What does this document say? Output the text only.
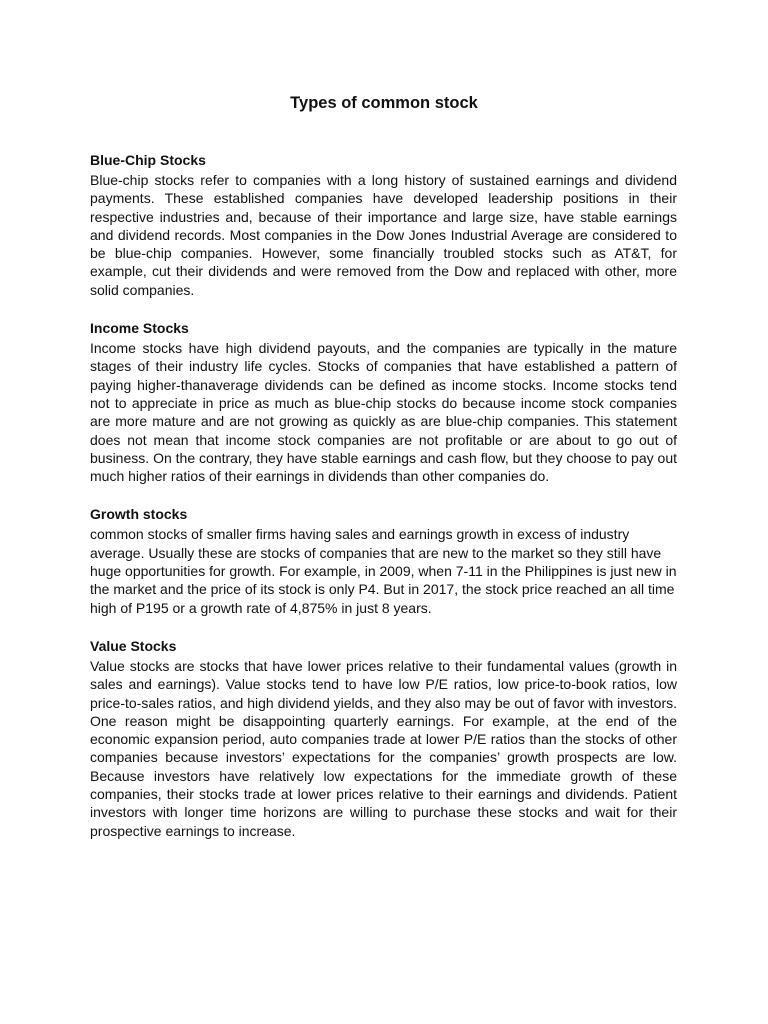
Types of common stock
Blue-Chip Stocks

Blue-chip stocks refer to companies with a long history of sustained earnings and dividend payments. These established companies have developed leadership positions in their respective industries and, because of their importance and large size, have stable earnings and dividend records. Most companies in the Dow Jones Industrial Average are considered to be blue-chip companies. However, some financially troubled stocks such as AT&T, for example, cut their dividends and were removed from the Dow and replaced with other, more solid companies.

Income Stocks

Income stocks have high dividend payouts, and the companies are typically in the mature stages of their industry life cycles. Stocks of companies that have established a pattern of paying higher-thanaverage dividends can be defined as income stocks. Income stocks tend not to appreciate in price as much as blue-chip stocks do because income stock companies are more mature and are not growing as quickly as are blue-chip companies. This statement does not mean that income stock companies are not profitable or are about to go out of business. On the contrary, they have stable earnings and cash flow, but they choose to pay out much higher ratios of their earnings in dividends than other companies do.

Growth stocks

common stocks of smaller firms having sales and earnings growth in excess of industry average. Usually these are stocks of companies that are new to the market so they still have huge opportunities for growth. For example, in 2009, when 7-11 in the Philippines is just new in the market and the price of its stock is only P4. But in 2017, the stock price reached an all time high of P195 or a growth rate of 4,875% in just 8 years.

Value Stocks

Value stocks are stocks that have lower prices relative to their fundamental values (growth in sales and earnings). Value stocks tend to have low P/E ratios, low price-to-book ratios, low price-to-sales ratios, and high dividend yields, and they also may be out of favor with investors. One reason might be disappointing quarterly earnings. For example, at the end of the economic expansion period, auto companies trade at lower P/E ratios than the stocks of other companies because investors’ expectations for the companies’ growth prospects are low. Because investors have relatively low expectations for the immediate growth of these companies, their stocks trade at lower prices relative to their earnings and dividends. Patient investors with longer time horizons are willing to purchase these stocks and wait for their prospective earnings to increase.
